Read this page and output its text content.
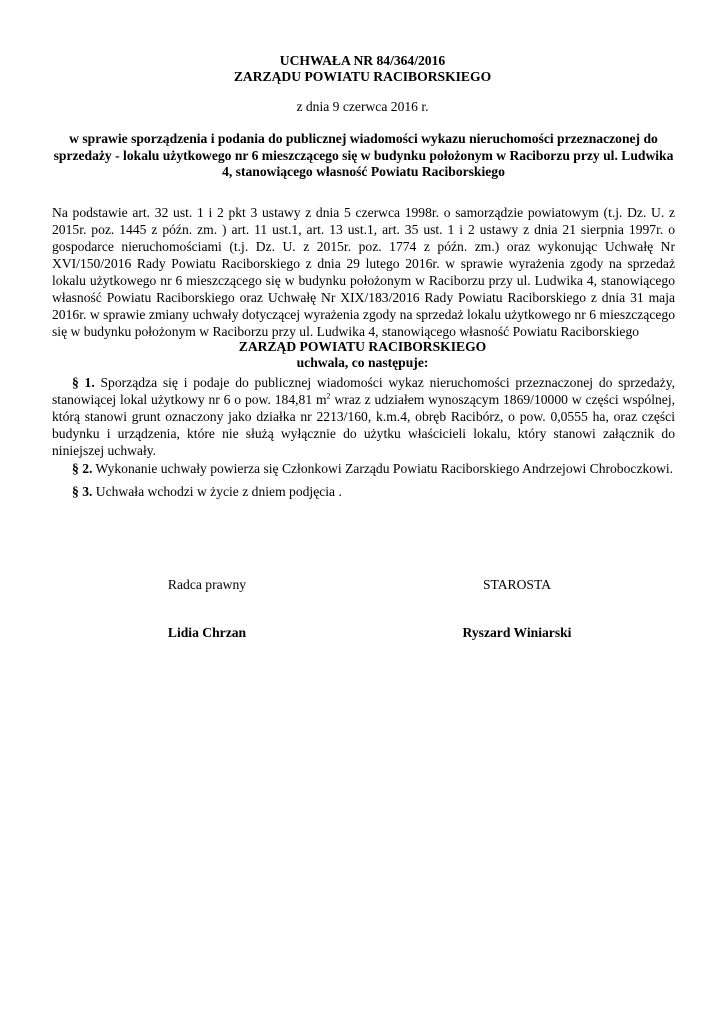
UCHWAŁA NR 84/364/2016
ZARZĄDU POWIATU RACIBORSKIEGO
z dnia 9 czerwca 2016 r.
w sprawie sporządzenia i podania do publicznej wiadomości wykazu nieruchomości przeznaczonej do sprzedaży - lokalu użytkowego nr 6 mieszczącego się w budynku położonym w Raciborzu przy ul. Ludwika 4, stanowiącego własność Powiatu Raciborskiego

Na podstawie art. 32 ust. 1 i 2 pkt 3 ustawy z dnia 5 czerwca 1998r. o samorządzie powiatowym (t.j. Dz. U. z 2015r. poz. 1445 z późn. zm. ) art. 11 ust.1, art. 13 ust.1, art. 35 ust. 1 i 2 ustawy z dnia 21 sierpnia 1997r. o gospodarce nieruchomościami (t.j. Dz. U. z 2015r. poz. 1774 z późn. zm.) oraz wykonując Uchwałę Nr XVI/150/2016 Rady Powiatu Raciborskiego z dnia 29 lutego 2016r. w sprawie wyrażenia zgody na sprzedaż lokalu użytkowego nr 6 mieszczącego się w budynku położonym w Raciborzu przy ul. Ludwika 4, stanowiącego własność Powiatu Raciborskiego oraz Uchwałę Nr XIX/183/2016 Rady Powiatu Raciborskiego z dnia 31 maja 2016r. w sprawie zmiany uchwały dotyczącej wyrażenia zgody na sprzedaż lokalu użytkowego nr 6 mieszczącego się w budynku położonym w Raciborzu przy ul. Ludwika 4, stanowiącego własność Powiatu Raciborskiego

ZARZĄD POWIATU RACIBORSKIEGO
uchwala, co następuje:

§ 1. Sporządza się i podaje do publicznej wiadomości wykaz nieruchomości przeznaczonej do sprzedaży, stanowiącej lokal użytkowy nr 6 o pow. 184,81 $m^2$ wraz z udziałem wynoszącym 1869/10000 w części wspólnej, którą stanowi grunt oznaczony jako działka nr 2213/160, k.m.4, obręb Racibórz, o pow. 0,0555 ha, oraz części budynku i urządzenia, które nie służą wyłącznie do użytku właścicieli lokalu, który stanowi załącznik do niniejszej uchwały.

§ 2. Wykonanie uchwały powierza się Członkowi Zarządu Powiatu Raciborskiego Andrzejowi Chroboczkowi.

§ 3. Uchwała wchodzi w życie z dniem podjęcia .

Radca prawny	STAROSTA
Lidia Chrzan	Ryszard Winiarski
